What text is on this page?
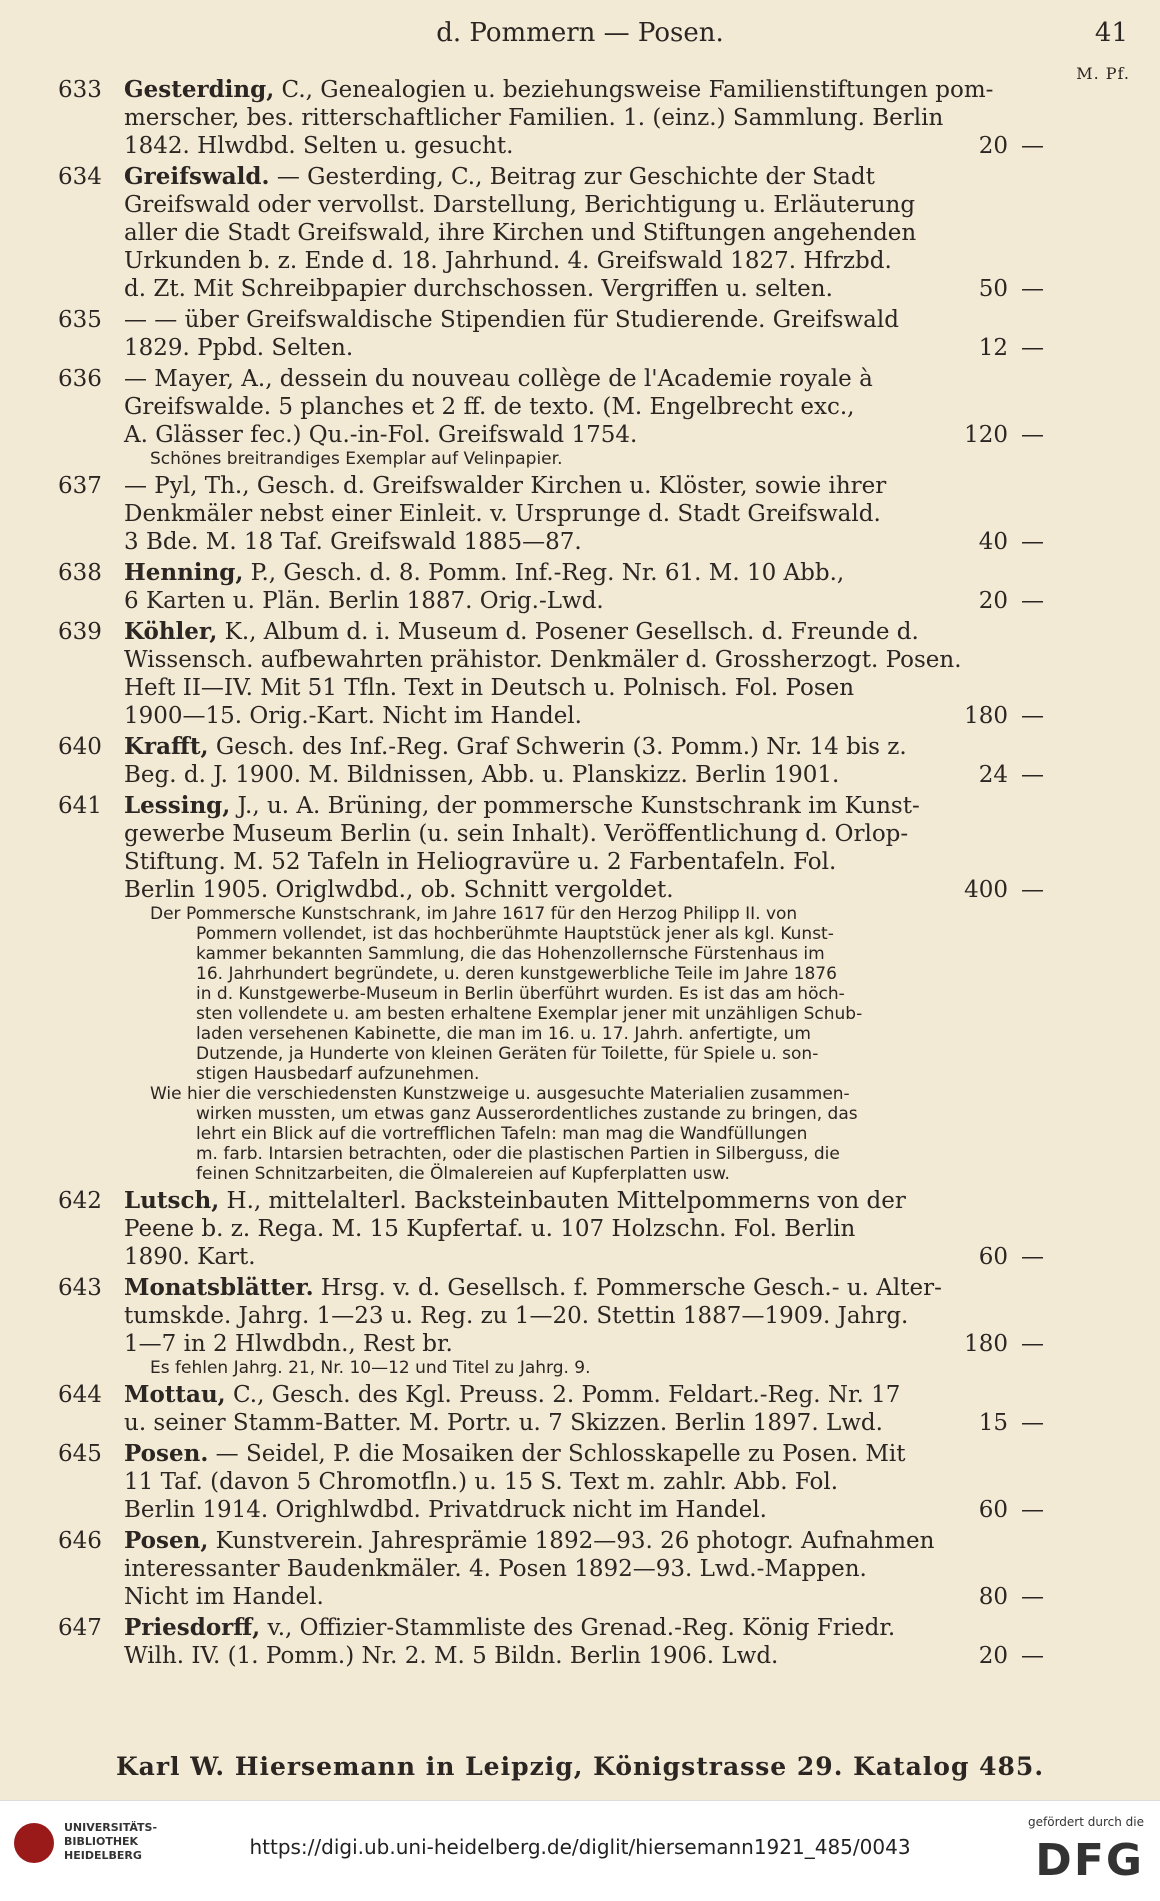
d. Pommern — Posen.	41
M. Pf.
633 Gesterding, C., Genealogien u. beziehungsweise Familienstiftungen pom-
merscher, bes. ritterschaftlicher Familien. 1. (einz.) Sammlung. Berlin
1842. Hlwdbd. Selten u. gesucht.	20 —
634 Greifswald. — Gesterding, C., Beitrag zur Geschichte der Stadt
Greifswald oder vervollst. Darstellung, Berichtigung u. Erläuterung
aller die Stadt Greifswald, ihre Kirchen und Stiftungen angehenden
Urkunden b. z. Ende d. 18. Jahrhund. 4. Greifswald 1827. Hfrzbd.
d. Zt. Mit Schreibpapier durchschossen. Vergriffen u. selten.	50 —
635 — — über Greifswaldische Stipendien für Studierende. Greifswald
1829. Ppbd. Selten.	12 —
636 — Mayer, A., dessein du nouveau collège de l'Academie royale à
Greifswalde. 5 planches et 2 ff. de texto. (M. Engelbrecht exc.,
A. Glässer fec.) Qu.-in-Fol. Greifswald 1754.	120 —
Schönes breitrandiges Exemplar auf Velinpapier.
637 — Pyl, Th., Gesch. d. Greifswalder Kirchen u. Klöster, sowie ihrer
Denkmäler nebst einer Einleit. v. Ursprunge d. Stadt Greifswald.
3 Bde. M. 18 Taf. Greifswald 1885—87.	40 —
638 Henning, P., Gesch. d. 8. Pomm. Inf.-Reg. Nr. 61. M. 10 Abb.,
6 Karten u. Plän. Berlin 1887. Orig.-Lwd.	20 —
639 Köhler, K., Album d. i. Museum d. Posener Gesellsch. d. Freunde d.
Wissensch. aufbewahrten prähistor. Denkmäler d. Grossherzogt. Posen.
Heft II—IV. Mit 51 Tfln. Text in Deutsch u. Polnisch. Fol. Posen
1900—15. Orig.-Kart. Nicht im Handel.	180 —
640 Krafft, Gesch. des Inf.-Reg. Graf Schwerin (3. Pomm.) Nr. 14 bis z.
Beg. d. J. 1900. M. Bildnissen, Abb. u. Planskizz. Berlin 1901.	24 —
641 Lessing, J., u. A. Brüning, der pommersche Kunstschrank im Kunst-
gewerbe Museum Berlin (u. sein Inhalt). Veröffentlichung d. Orlop-
Stiftung. M. 52 Tafeln in Heliogravüre u. 2 Farbentafeln. Fol.
Berlin 1905. Origlwdbd., ob. Schnitt vergoldet.	400 —
Der Pommersche Kunstschrank, im Jahre 1617 für den Herzog Philipp II. von
Pommern vollendet, ist das hochberühmte Hauptstück jener als kgl. Kunst-
kammer bekannten Sammlung, die das Hohenzollernsche Fürstenhaus im
16. Jahrhundert begründete, u. deren kunstgewerbliche Teile im Jahre 1876
in d. Kunstgewerbe-Museum in Berlin überführt wurden. Es ist das am höch-
sten vollendete u. am besten erhaltene Exemplar jener mit unzähligen Schub-
laden versehenen Kabinette, die man im 16. u. 17. Jahrh. anfertigte, um
Dutzende, ja Hunderte von kleinen Geräten für Toilette, für Spiele u. son-
stigen Hausbedarf aufzunehmen.
Wie hier die verschiedensten Kunstzweige u. ausgesuchte Materialien zusammen-
wirken mussten, um etwas ganz Ausserordentliches zustande zu bringen, das
lehrt ein Blick auf die vortrefflichen Tafeln: man mag die Wandfüllungen
m. farb. Intarsien betrachten, oder die plastischen Partien in Silberguss, die
feinen Schnitzarbeiten, die Ölmalereien auf Kupferplatten usw.
642 Lutsch, H., mittelalterl. Backsteinbauten Mittelpommerns von der
Peene b. z. Rega. M. 15 Kupfertaf. u. 107 Holzschn. Fol. Berlin
1890. Kart.	60 —
643 Monatsblätter. Hrsg. v. d. Gesellsch. f. Pommersche Gesch.- u. Alter-
tumskde. Jahrg. 1—23 u. Reg. zu 1—20. Stettin 1887—1909. Jahrg.
1—7 in 2 Hlwdbdn., Rest br.	180 —
Es fehlen Jahrg. 21, Nr. 10—12 und Titel zu Jahrg. 9.
644 Mottau, C., Gesch. des Kgl. Preuss. 2. Pomm. Feldart.-Reg. Nr. 17
u. seiner Stamm-Batter. M. Portr. u. 7 Skizzen. Berlin 1897. Lwd.	15 —
645 Posen. — Seidel, P. die Mosaiken der Schlosskapelle zu Posen. Mit
11 Taf. (davon 5 Chromotfln.) u. 15 S. Text m. zahlr. Abb. Fol.
Berlin 1914. Orighlwdbd. Privatdruck nicht im Handel.	60 —
646 Posen, Kunstverein. Jahresprämie 1892—93. 26 photogr. Aufnahmen
interessanter Baudenkmäler. 4. Posen 1892—93. Lwd.-Mappen.
Nicht im Handel.	80 —
647 Priesdorff, v., Offizier-Stammliste des Grenad.-Reg. König Friedr.
Wilh. IV. (1. Pomm.) Nr. 2. M. 5 Bildn. Berlin 1906. Lwd.	20 —
Karl W. Hiersemann in Leipzig, Königstrasse 29. Katalog 485.
UNIVERSITÄTS-
BIBLIOTHEK
HEIDELBERG	https://digi.ub.uni-heidelberg.de/diglit/hiersemann1921_485/0043
gefördert durch die
DFG
